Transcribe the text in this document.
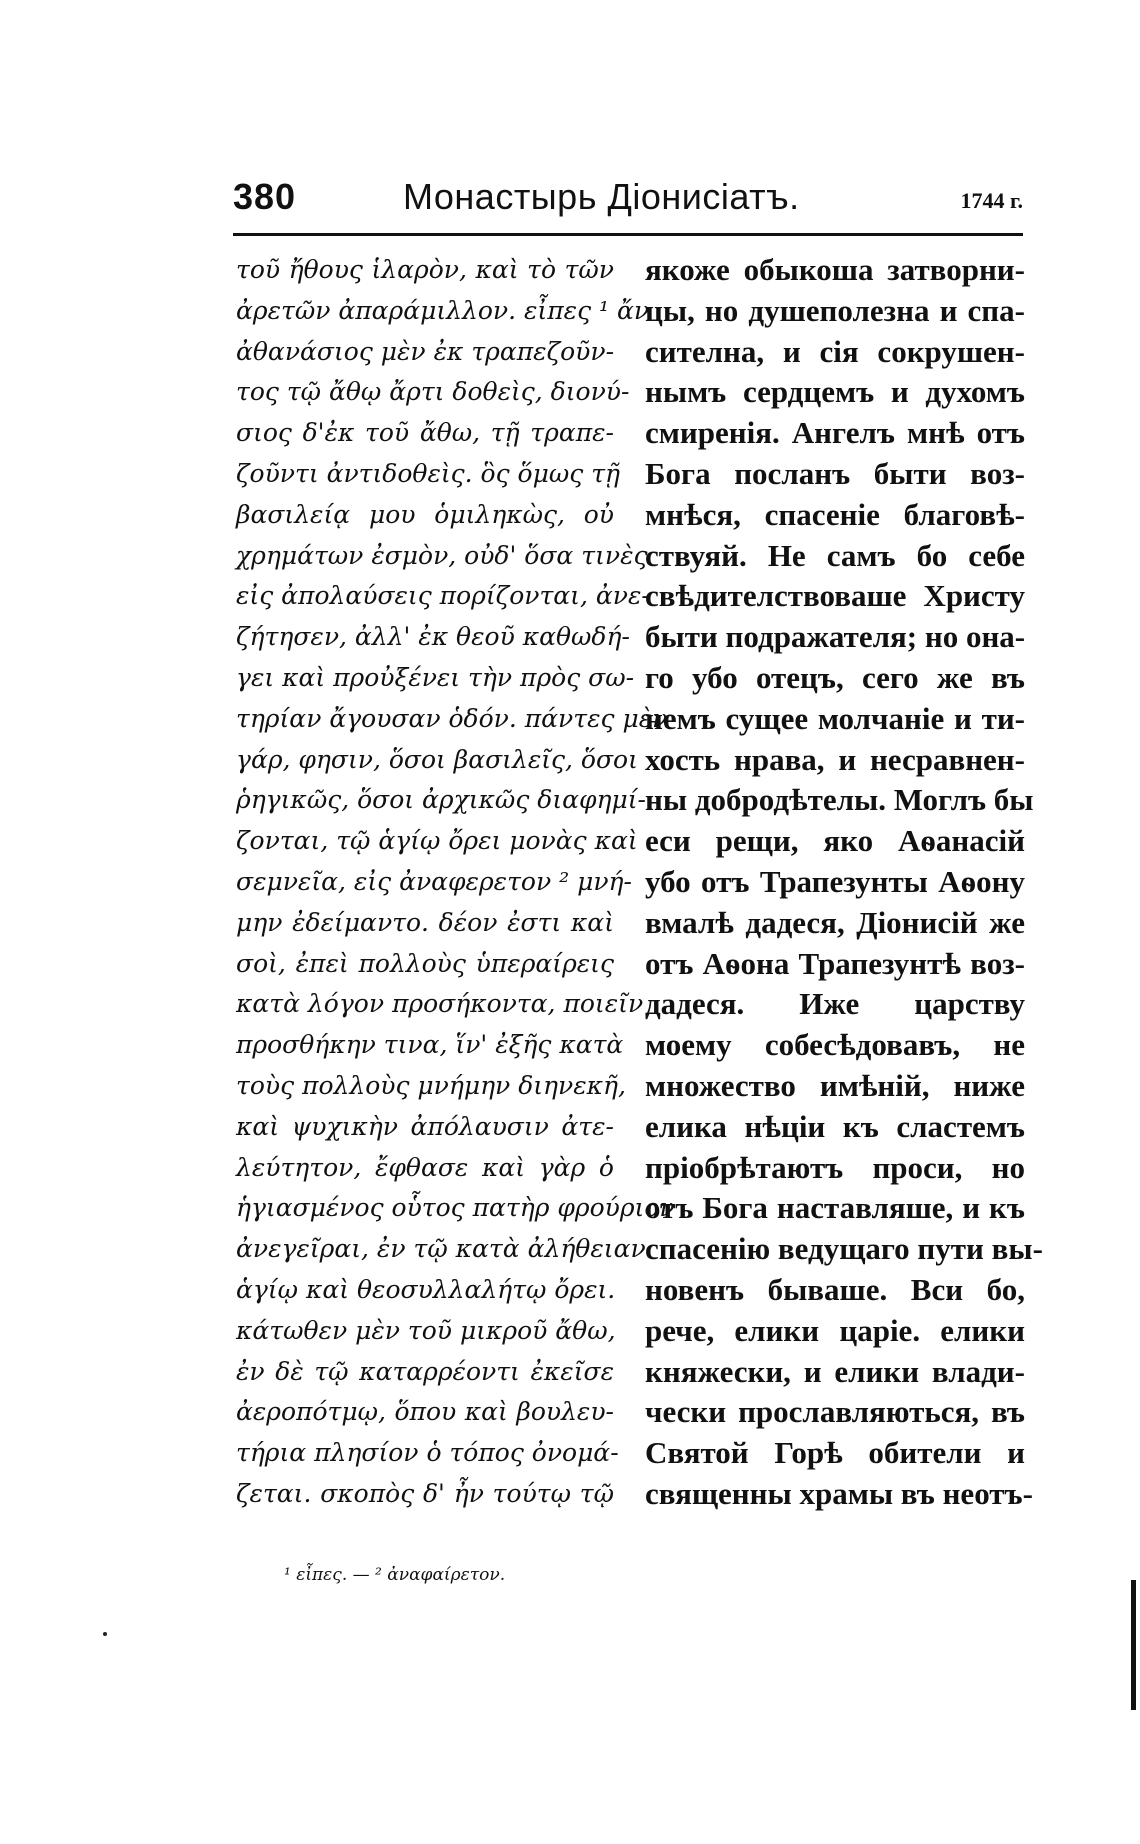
380	Монастырь Діонисіатъ.	1744 г.
τοῦ ἤθους ἱλαρὸν, καὶ τὸ τῶν
ἀρετῶν ἀπαράμιλλον. εἶπες ¹ ἄν
ἀθανάσιος μὲν ἐκ τραπεζοῦν-
τος τῷ ἄθῳ ἄρτι δοθεὶς, διονύ-
σιος δ'ἐκ τοῦ ἄθω, τῇ τραπε-
ζοῦντι ἀντιδοθεὶς. ὃς ὅμως τῇ
βασιλείᾳ μου ὁμιληκὼς, οὐ
χρημάτων ἐσμὸν, οὐδ' ὅσα τινὲς
εἰς ἀπολαύσεις πορίζονται, ἀνε-
ζήτησεν, ἀλλ' ἐκ θεοῦ καθωδή-
γει καὶ προὐξένει τὴν πρὸς σω-
τηρίαν ἄγουσαν ὁδόν. πάντες μὲν
γάρ, φησιν, ὅσοι βασιλεῖς, ὅσοι
ῥηγικῶς, ὅσοι ἀρχικῶς διαφημί-
ζονται, τῷ ἁγίῳ ὄρει μονὰς καὶ
σεμνεῖα, εἰς ἀναφερετον ² μνή-
μην ἐδείμαντο. δέον ἐστι καὶ
σοὶ, ἐπεὶ πολλοὺς ὑπεραίρεις
κατὰ λόγον προσήκοντα, ποιεῖν
προσθήκην τινα, ἵν' ἐξῆς κατὰ
τοὺς πολλοὺς μνήμην διηνεκῆ,
καὶ ψυχικὴν ἀπόλαυσιν ἀτε-
λεύτητον, ἔφθασε καὶ γὰρ ὁ
ἡγιασμένος οὗτος πατὴρ φρούριον
ἀνεγεῖραι, ἐν τῷ κατὰ ἀλήθειαν
ἁγίῳ καὶ θεοσυλλαλήτῳ ὄρει.
κάτωθεν μὲν τοῦ μικροῦ ἄθω,
ἐν δὲ τῷ καταρρέοντι ἐκεῖσε
ἀεροπότμῳ, ὅπου καὶ βουλευ-
τήρια πλησίον ὁ τόπος ὀνομά-
ζεται. σκοπὸς δ' ἦν τούτῳ τῷ
якоже обыкоша затворни-
цы, но душеполезна и спа-
сителна, и сія сокрушен-
нымъ сердцемъ и духомъ
смиренія. Ангелъ мнѣ отъ
Бога посланъ быти воз-
мнѣся, спасеніе благовѣ-
ствуяй. Не самъ бо себе
свѣдителствоваше Христу
быти подражателя; но она-
го убо отецъ, сего же въ
немъ сущее молчаніе и ти-
хость нрава, и несравнен-
ны добродѣтелы. Моглъ бы
еси рещи, яко Аѳанасій
убо отъ Трапезунты Аѳону
вмалѣ дадеся, Діонисій же
отъ Аѳона Трапезунтѣ воз-
дадеся. Иже царству
моему собесѣдовавъ, не
множество имѣній, ниже
елика нѣціи къ сластемъ
пріобрѣтаютъ проси, но
отъ Бога наставляше, и къ
спасенію ведущаго пути вы-
новенъ бываше. Вси бо,
рече, елики царіе. елики
княжески, и елики влади-
чески прославляються, въ
Святой Горѣ обители и
священны храмы въ неотъ-
¹ εἶπες. — ² ἀναφαίρετον.
